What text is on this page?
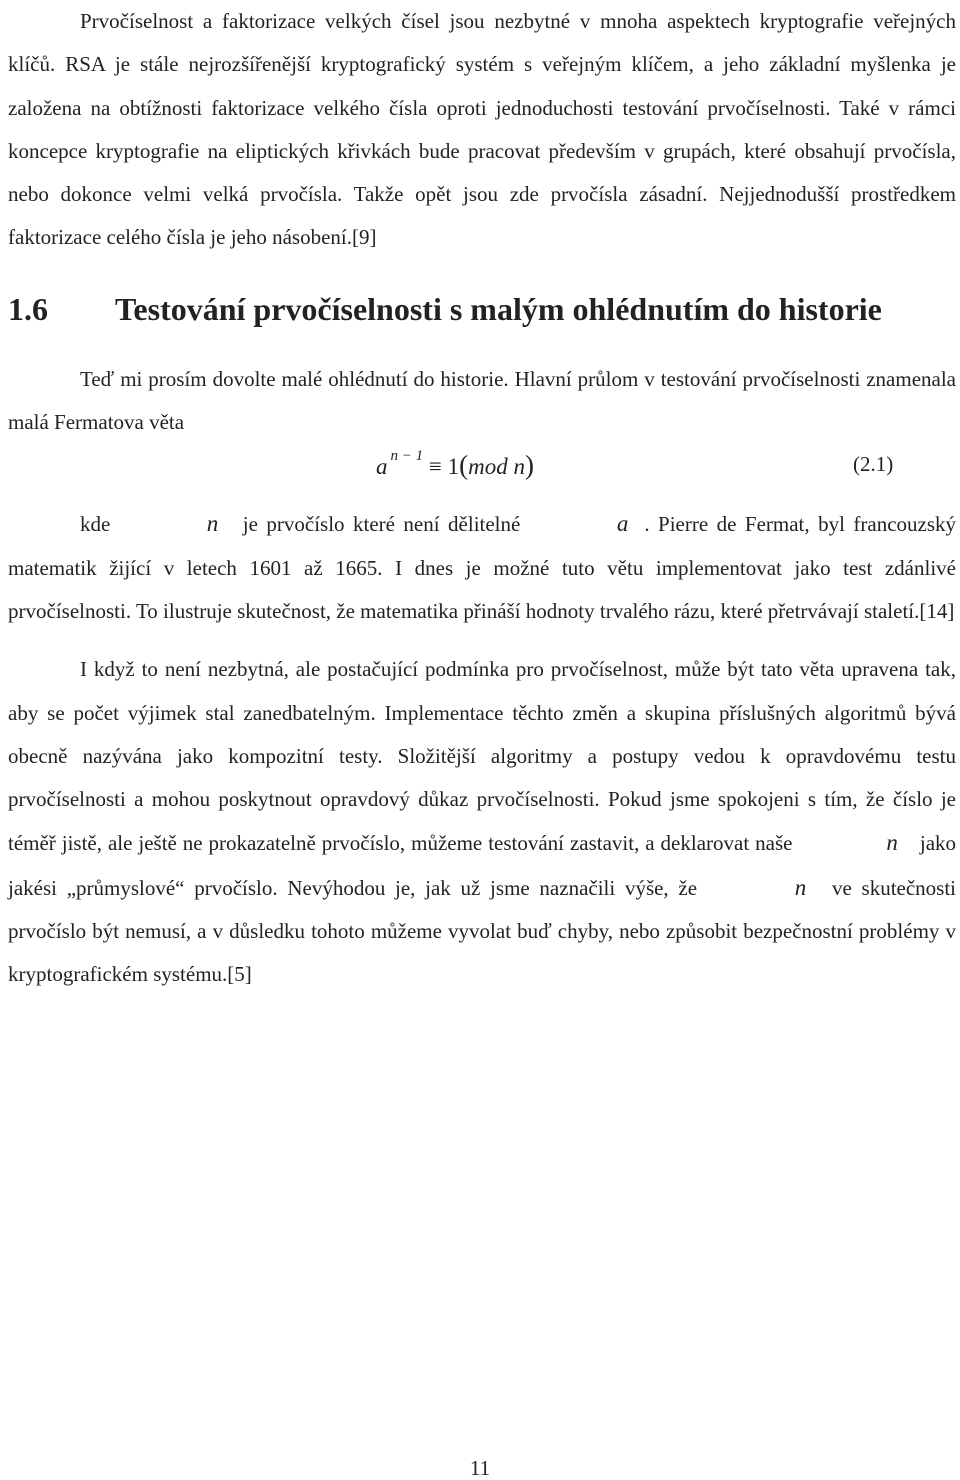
Prvočíselnost a faktorizace velkých čísel jsou nezbytné v mnoha aspektech kryptografie veřejných klíčů. RSA je stále nejrozšířenější kryptografický systém s veřejným klíčem, a jeho základní myšlenka je založena na obtížnosti faktorizace velkého čísla oproti jednoduchosti testování prvočíselnosti. Také v rámci koncepce kryptografie na eliptických křivkách bude pracovat především v grupách, které obsahují prvočísla, nebo dokonce velmi velká prvočísla. Takže opět jsou zde prvočísla zásadní. Nejjednodušší prostředkem faktorizace celého čísla je jeho násobení.[9]

1.6 Testování prvočíselnosti s malým ohlédnutím do historie

Teď mi prosím dovolte malé ohlédnutí do historie. Hlavní průlom v testování prvočíselnosti znamenala malá Fermatova věta

a $^{n - 1}$ ≡ 1(mod n)	(2.1)

kde	n je prvočíslo které není dělitelné	a . Pierre de Fermat, byl francouzský matematik žijící v letech 1601 až 1665. I dnes je možné tuto větu implementovat jako test zdánlivé prvočíselnosti. To ilustruje skutečnost, že matematika přináší hodnoty trvalého rázu, které přetrvávají staletí.[14]

I když to není nezbytná, ale postačující podmínka pro prvočíselnost, může být tato věta upravena tak, aby se počet výjimek stal zanedbatelným. Implementace těchto změn a skupina příslušných algoritmů bývá obecně nazývána jako kompozitní testy. Složitější algoritmy a postupy vedou k opravdovému testu prvočíselnosti a mohou poskytnout opravdový důkaz prvočíselnosti. Pokud jsme spokojeni s tím, že číslo je téměř jistě, ale ještě ne prokazatelně prvočíslo, můžeme testování zastavit, a deklarovat naše	n jako jakési „průmyslové“ prvočíslo. Nevýhodou je, jak už jsme naznačili výše, že	n ve skutečnosti prvočíslo být nemusí, a v důsledku tohoto můžeme vyvolat buď chyby, nebo způsobit bezpečnostní problémy v kryptografickém systému.[5]

11
